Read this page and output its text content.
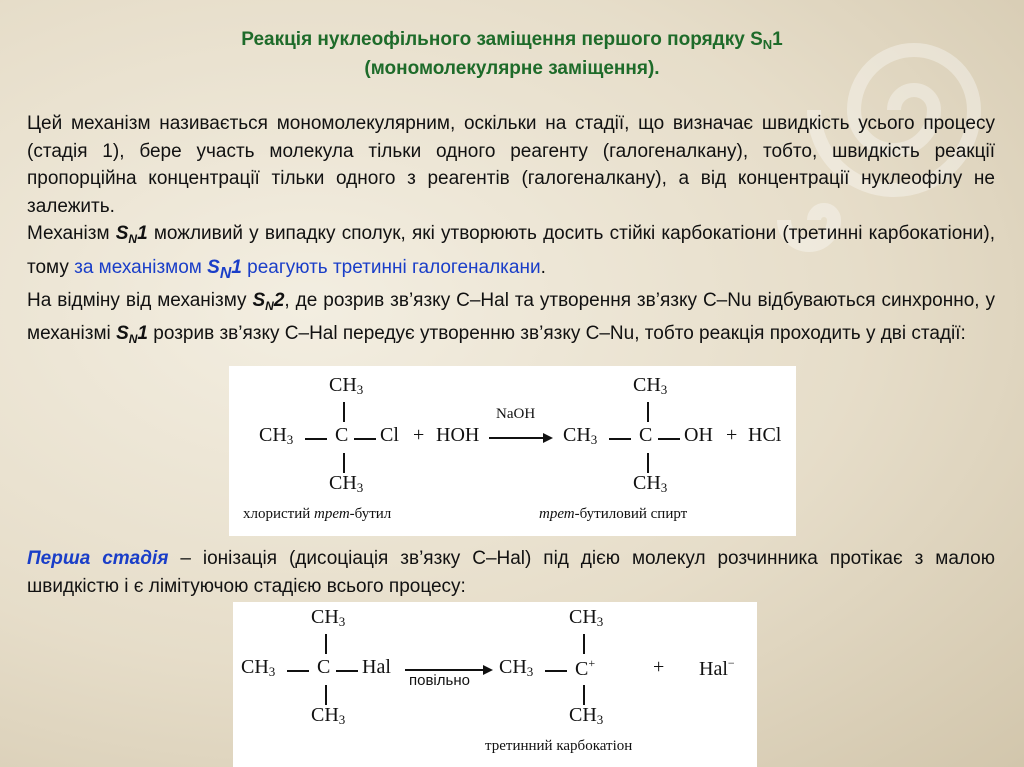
Реакція нуклеофільного заміщення першого порядку $S_N1$
(мономолекулярне заміщення).

Цей механізм називається мономолекулярним, оскільки на стадії, що визначає швидкість усього процесу (стадія 1), бере участь молекула тільки одного реагенту (галогеналкану), тобто, швидкість реакції пропорційна концентрації тільки одного з реагентів (галогеналкану), а від концентрації нуклеофілу не залежить.

Механізм $S_N1$ можливий у випадку сполук, які утворюють досить стійкі карбокатіони (третинні карбокатіони), тому за механізмом $S_N1$ реагують третинні галогеналкани.

На відміну від механізму $S_N2$, де розрив зв’язку С–Hal та утворення зв’язку С–Nu відбуваються синхронно, у механізмі $S_N1$ розрив зв’язку С–Hal передує утворенню зв’язку С–Nu, тобто реакція проходить у дві стадії:

$CH_3$
$CH_3$ C Cl + HOH
NaOH
$CH_3$
$CH_3$
$CH_3$ C OH + HCl
$CH_3$
хлористий трет-бутил	трет-бутиловий спирт

Перша стадія – іонізація (дисоціація зв’язку С–Hal) під дією молекул розчинника протікає з малою швидкістю і є лімітуючою стадією всього процесу:

$CH_3$
$CH_3$ C Hal
повільно
$CH_3$
$CH_3$
$CH_3$ C+	+ Hal−
$CH_3$
третинний карбокатіон
